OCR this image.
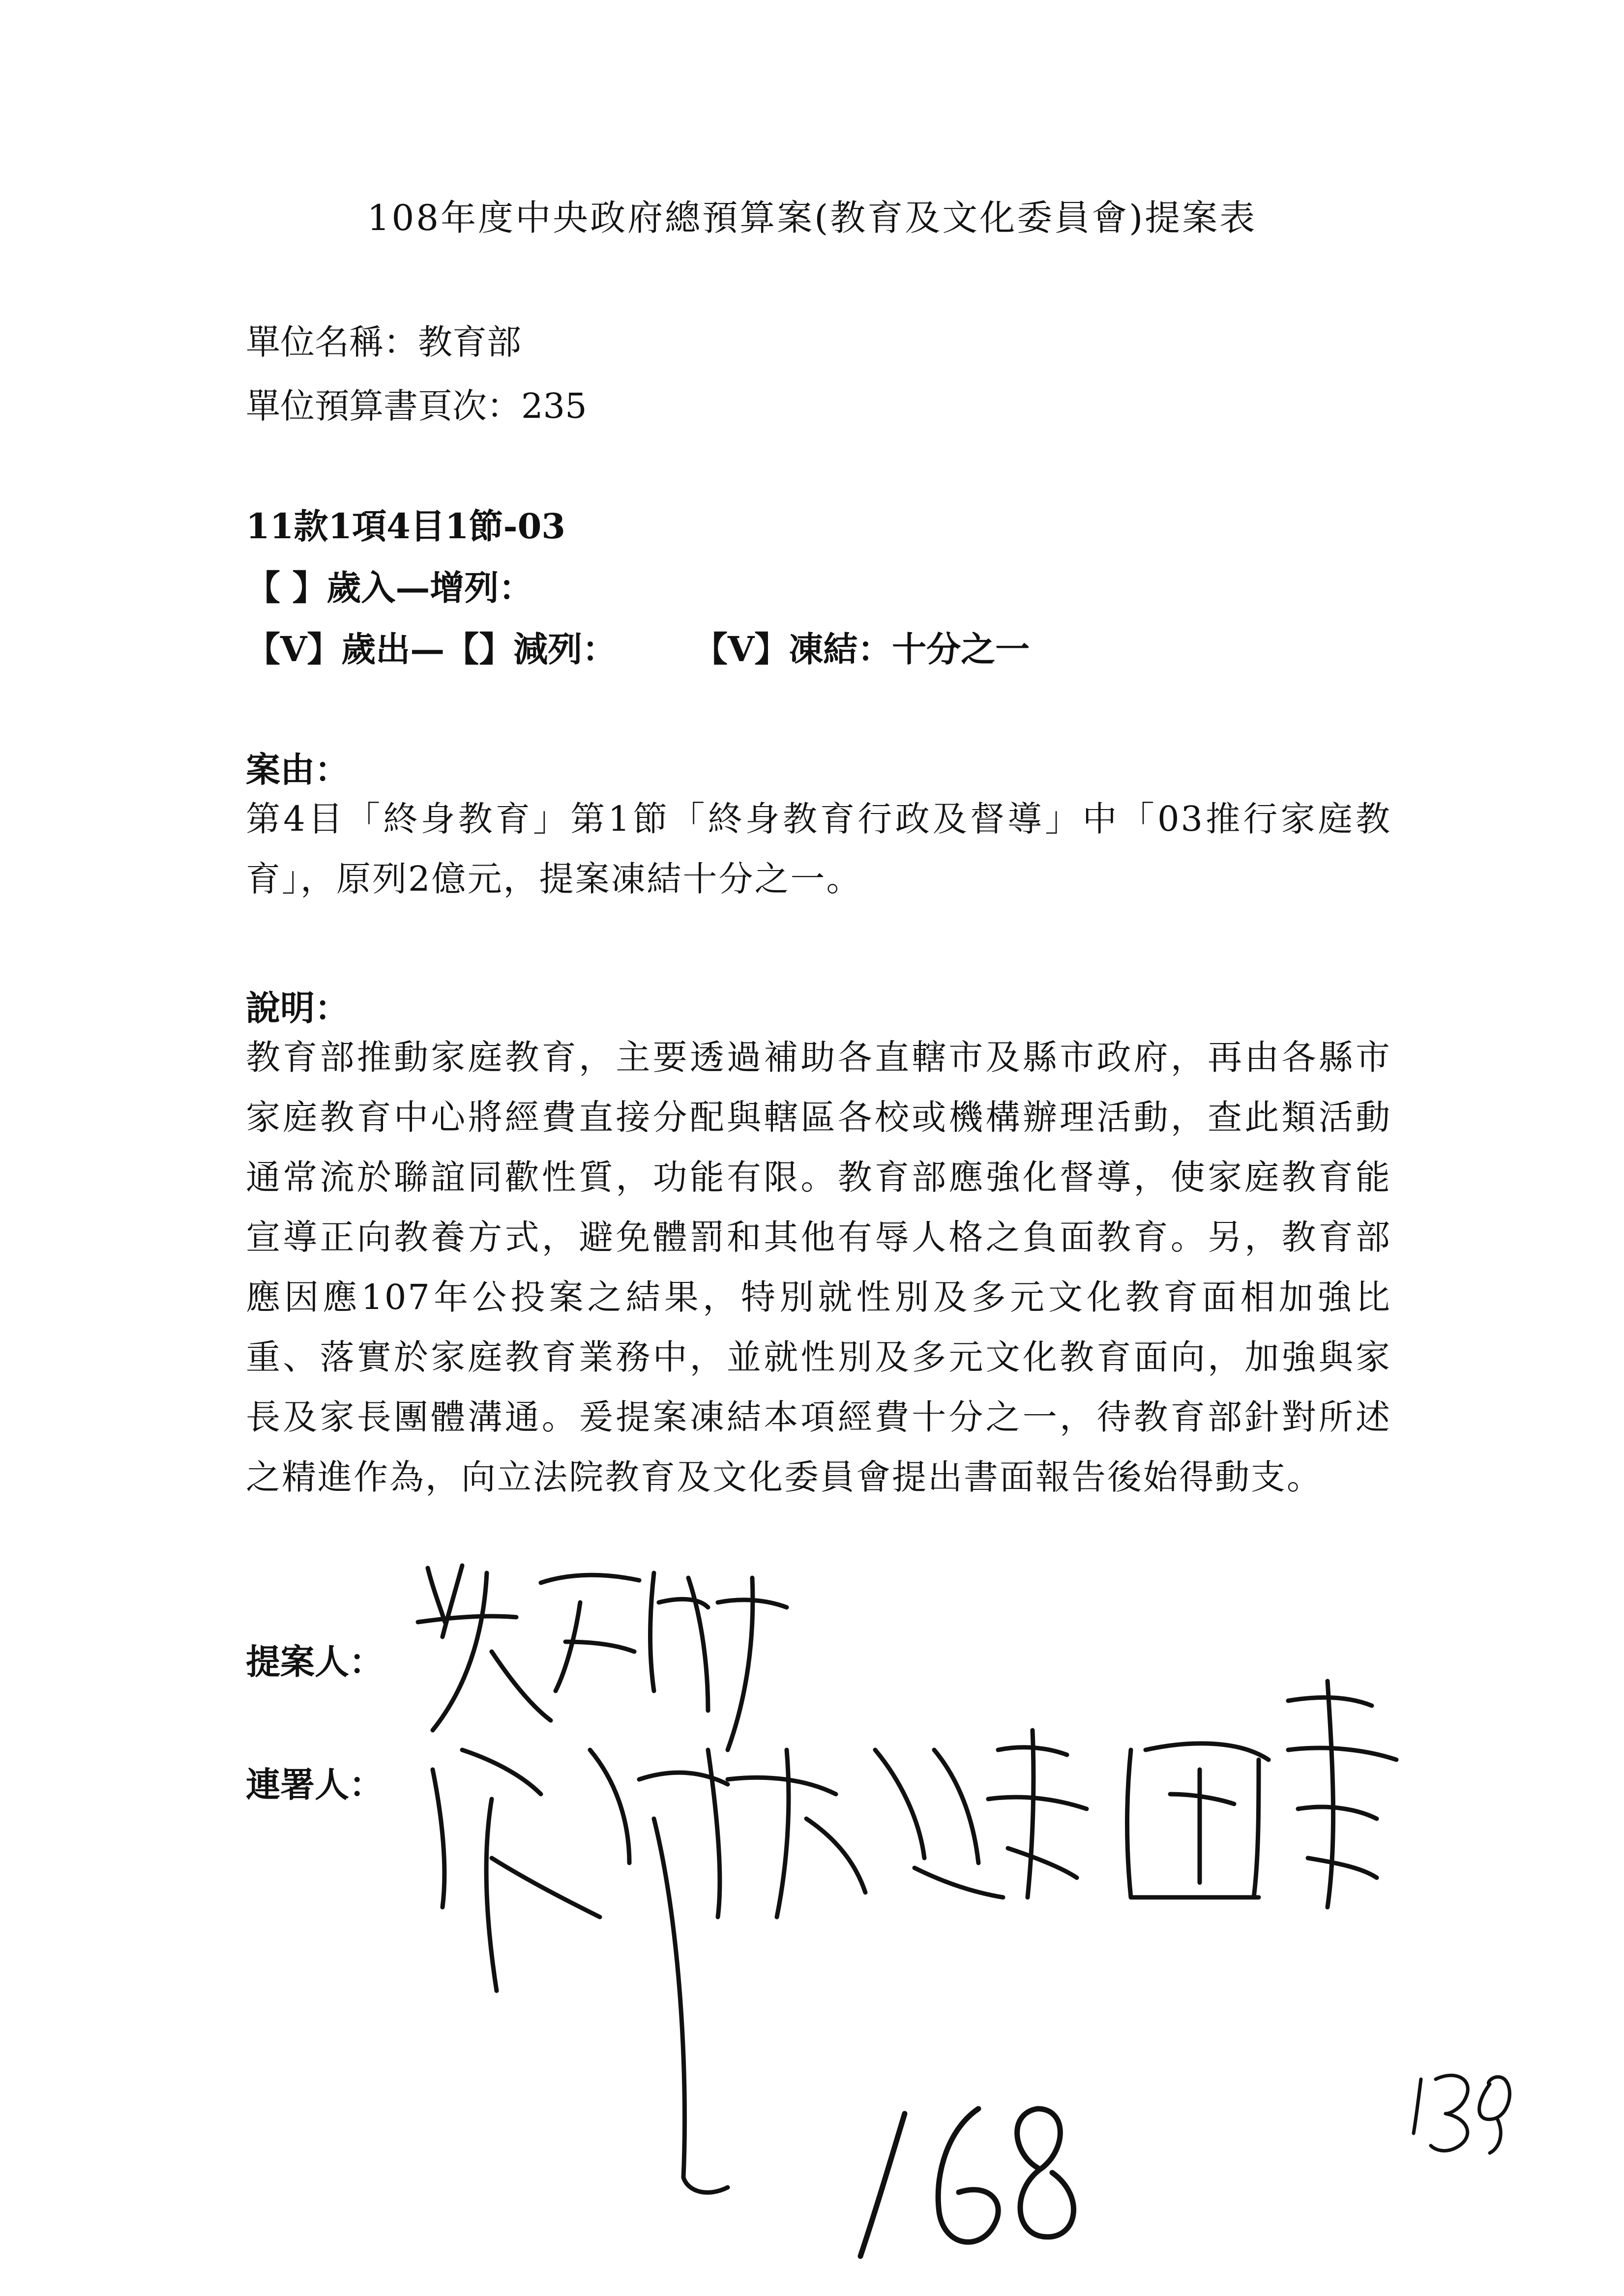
108年度中央政府總預算案(教育及文化委員會)提案表
單位名稱：教育部
單位預算書頁次：235
11款1項4目1節-03
【 】歲入—增列：
【V】歲出—【】減列： 【V】凍結：十分之一
案由：
第4目「終身教育」第1節「終身教育行政及督導」中「03推行家庭教育」，原列2億元，提案凍結十分之一。
說明：
教育部推動家庭教育，主要透過補助各直轄市及縣市政府，再由各縣市家庭教育中心將經費直接分配與轄區各校或機構辦理活動，查此類活動通常流於聯誼同歡性質，功能有限。教育部應強化督導，使家庭教育能宣導正向教養方式，避免體罰和其他有辱人格之負面教育。另，教育部應因應107年公投案之結果，特別就性別及多元文化教育面相加強比重、落實於家庭教育業務中，並就性別及多元文化教育面向，加強與家長及家長團體溝通。爰提案凍結本項經費十分之一，待教育部針對所述之精進作為，向立法院教育及文化委員會提出書面報告後始得動支。
提案人：
連署人：
